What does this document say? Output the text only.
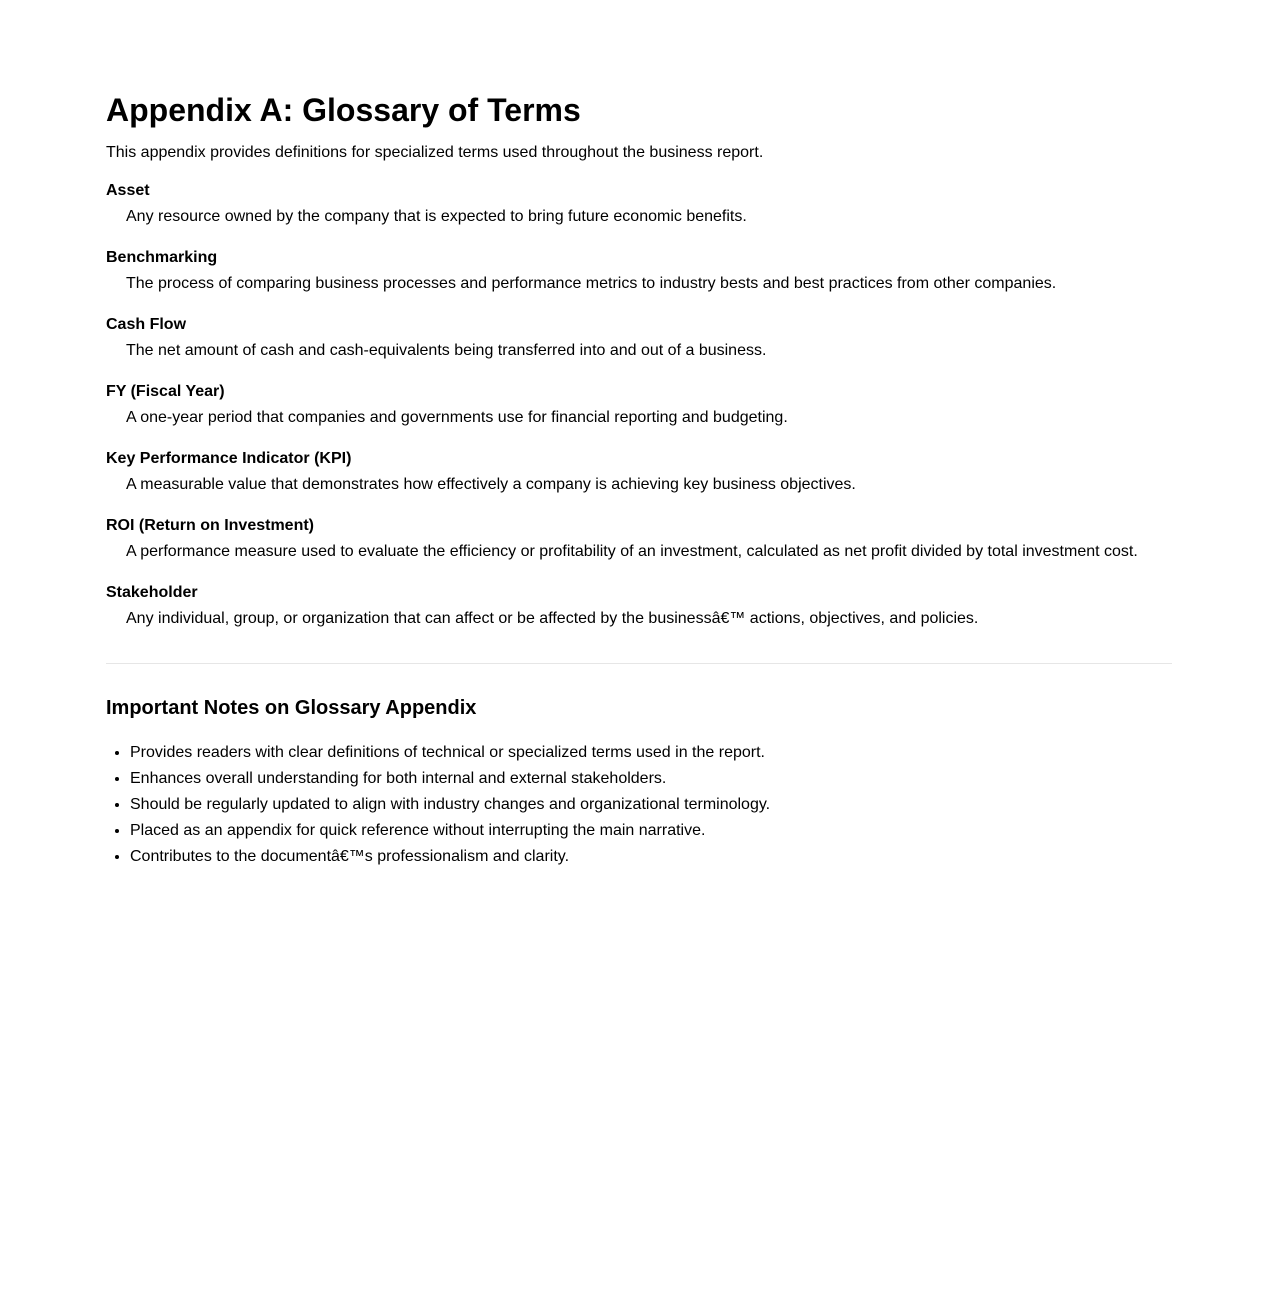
Appendix A: Glossary of Terms

This appendix provides definitions for specialized terms used throughout the business report.

Asset
Any resource owned by the company that is expected to bring future economic benefits.
Benchmarking
The process of comparing business processes and performance metrics to industry bests and best practices from other companies.
Cash Flow
The net amount of cash and cash-equivalents being transferred into and out of a business.
FY (Fiscal Year)
A one-year period that companies and governments use for financial reporting and budgeting.
Key Performance Indicator (KPI)
A measurable value that demonstrates how effectively a company is achieving key business objectives.
ROI (Return on Investment)
A performance measure used to evaluate the efficiency or profitability of an investment, calculated as net profit divided by total investment cost.
Stakeholder
Any individual, group, or organization that can affect or be affected by the businessâ€™ actions, objectives, and policies.
Important Notes on Glossary Appendix
• Provides readers with clear definitions of technical or specialized terms used in the report.
• Enhances overall understanding for both internal and external stakeholders.
• Should be regularly updated to align with industry changes and organizational terminology.
• Placed as an appendix for quick reference without interrupting the main narrative.
• Contributes to the documentâ€™s professionalism and clarity.
